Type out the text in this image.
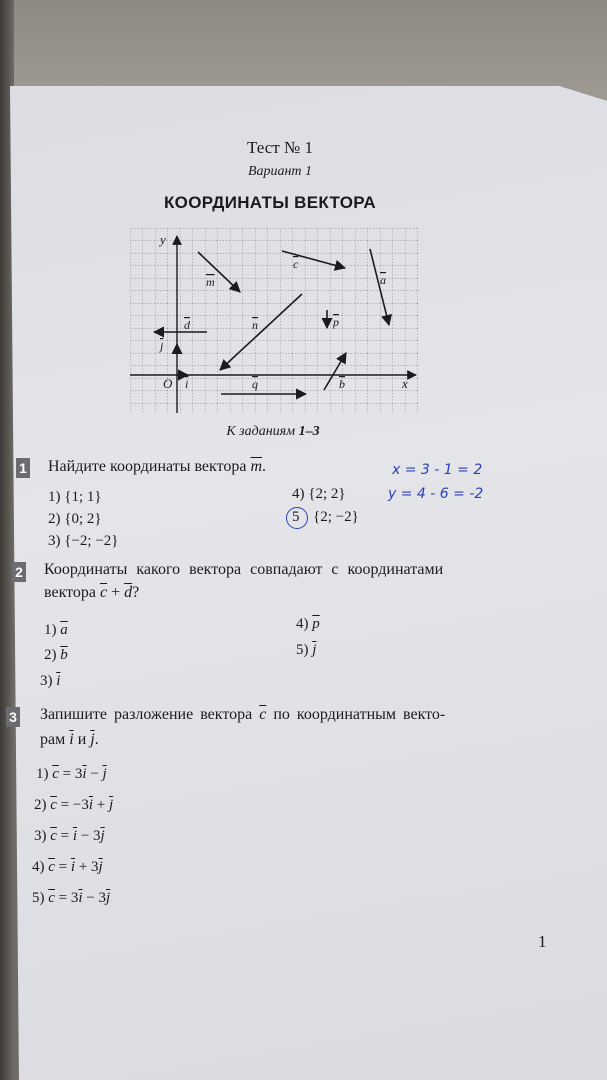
Тест № 1
Вариант 1
КООРДИНАТЫ ВЕКТОРА
m
c
a
d	n	p
j
i	q	b
y
x
O
К заданиям 1–3
1 Найдите координаты вектора $\overline{m}$.
1) {1; 1}
2) {0; 2}
3) {−2; −2}
4) {2; 2}
5 {2; −2}
x = 3 - 1 = 2
y = 4 - 6 = -2
2 Координаты какого вектора совпадают с координатами
вектора $\overline{c} + \overline{d}$?
1) $\overline{a}$
2) $\overline{b}$
3) $\overline{i}$
4) $\overline{p}$
5) $\overline{j}$
3 Запишите разложение вектора $\overline{c}$ по координатным векто-
рам $\overline{i}$ и $\overline{j}$.
1) $\overline{c} = 3\overline{i} - \overline{j}$
2) $\overline{c} = -3\overline{i} + \overline{j}$
3) $\overline{c} = \overline{i} - 3\overline{j}$
4) $\overline{c} = \overline{i} + 3\overline{j}$
5) $\overline{c} = 3\overline{i} - 3\overline{j}$
1
